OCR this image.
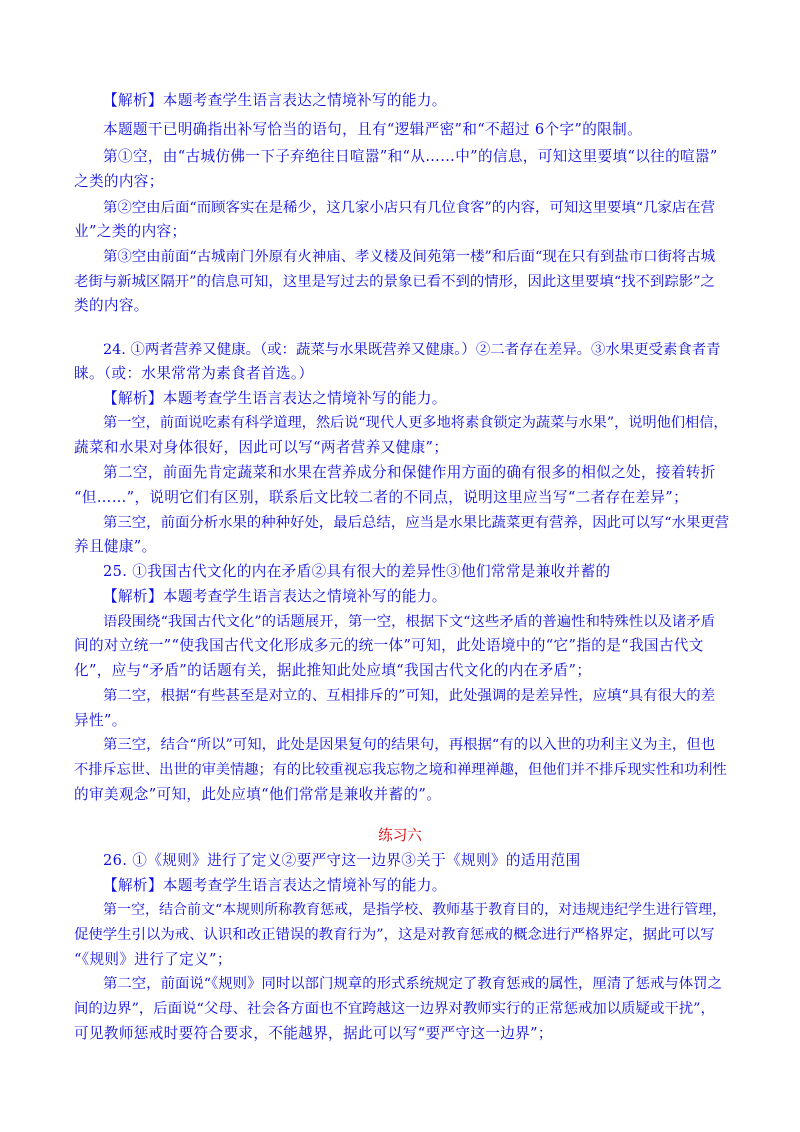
【解析】本题考查学生语言表达之情境补写的能力。
本题题干已明确指出补写恰当的语句，且有“逻辑严密”和“不超过 6个字”的限制。
第①空，由“古城仿佛一下子弃绝往日喧嚣”和“从……中”的信息，可知这里要填“以往的喧嚣”
之类的内容；
第②空由后面“而顾客实在是稀少，这几家小店只有几位食客”的内容，可知这里要填“几家店在营
业”之类的内容；
第③空由前面“古城南门外原有火神庙、孝义楼及间苑第一楼”和后面“现在只有到盐市口街将古城
老街与新城区隔开”的信息可知，这里是写过去的景象已看不到的情形，因此这里要填“找不到踪影”之
类的内容。
24. ①两者营养又健康。（或：蔬菜与水果既营养又健康。）②二者存在差异。③水果更受素食者青
睐。（或：水果常常为素食者首选。）
【解析】本题考查学生语言表达之情境补写的能力。
第一空，前面说吃素有科学道理，然后说“现代人更多地将素食锁定为蔬菜与水果”，说明他们相信，
蔬菜和水果对身体很好，因此可以写“两者营养又健康”；
第二空，前面先肯定蔬菜和水果在营养成分和保健作用方面的确有很多的相似之处，接着转折
“但……”，说明它们有区别，联系后文比较二者的不同点，说明这里应当写“二者存在差异”；
第三空，前面分析水果的种种好处，最后总结，应当是水果比蔬菜更有营养，因此可以写“水果更营
养且健康”。
25. ①我国古代文化的内在矛盾②具有很大的差异性③他们常常是兼收并蓄的
【解析】本题考查学生语言表达之情境补写的能力。
语段围绕“我国古代文化”的话题展开，第一空，根据下文“这些矛盾的普遍性和特殊性以及诸矛盾
间的对立统一”“使我国古代文化形成多元的统一体”可知，此处语境中的“它”指的是“我国古代文
化”，应与“矛盾”的话题有关，据此推知此处应填“我国古代文化的内在矛盾”；
第二空，根据“有些甚至是对立的、互相排斥的”可知，此处强调的是差异性，应填“具有很大的差
异性”。
第三空，结合“所以”可知，此处是因果复句的结果句，再根据“有的以入世的功利主义为主，但也
不排斥忘世、出世的审美情趣；有的比较重视忘我忘物之境和禅理禅趣，但他们并不排斥现实性和功利性
的审美观念”可知，此处应填“他们常常是兼收并蓄的”。
练习六
26. ①《规则》进行了定义②要严守这一边界③关于《规则》的适用范围
【解析】本题考查学生语言表达之情境补写的能力。
第一空，结合前文“本规则所称教育惩戒，是指学校、教师基于教育目的，对违规违纪学生进行管理，
促使学生引以为戒、认识和改正错误的教育行为”，这是对教育惩戒的概念进行严格界定，据此可以写
“《规则》进行了定义”；
第二空，前面说“《规则》同时以部门规章的形式系统规定了教育惩戒的属性，厘清了惩戒与体罚之
间的边界”，后面说“父母、社会各方面也不宜跨越这一边界对教师实行的正常惩戒加以质疑或干扰”，
可见教师惩戒时要符合要求，不能越界，据此可以写“要严守这一边界”；
